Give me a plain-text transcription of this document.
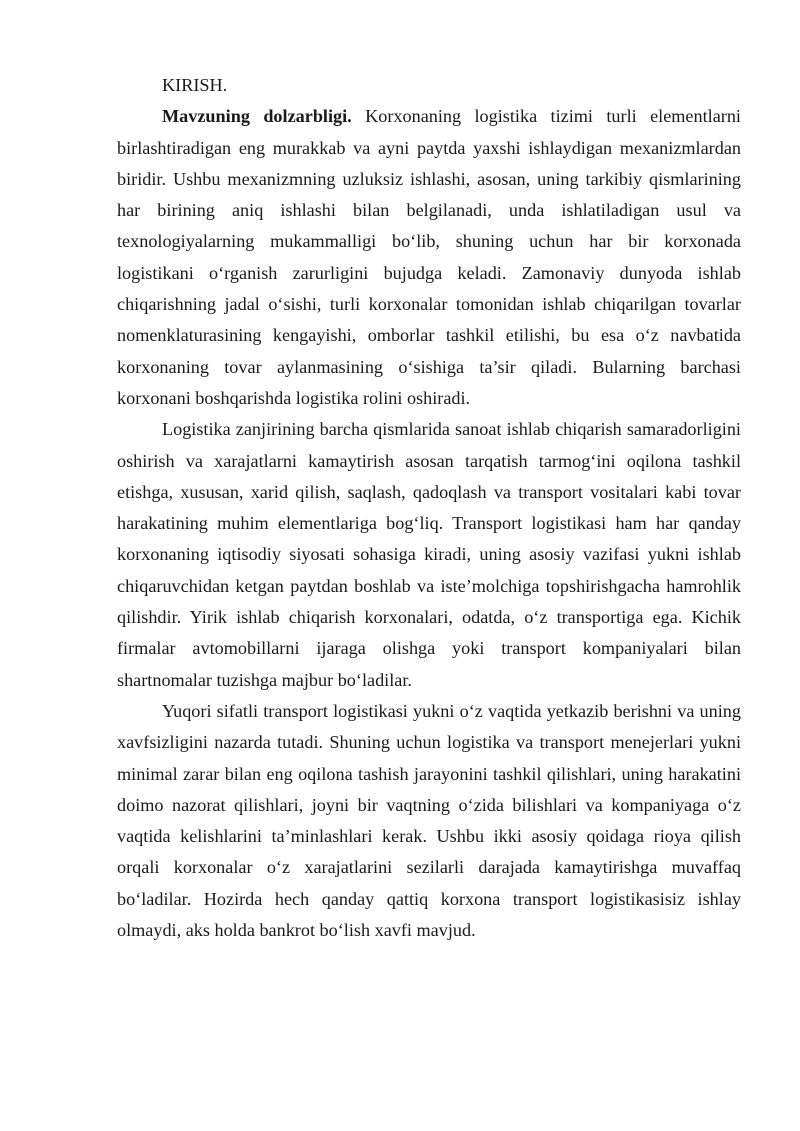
KIRISH.

Mavzuning dolzarbligi. Korxonaning logistika tizimi turli elementlarni birlashtiradigan eng murakkab va ayni paytda yaxshi ishlaydigan mexanizmlardan biridir. Ushbu mexanizmning uzluksiz ishlashi, asosan, uning tarkibiy qismlarining har birining aniq ishlashi bilan belgilanadi, unda ishlatiladigan usul va texnologiyalarning mukammalligi bo‘lib, shuning uchun har bir korxonada logistikani o‘rganish zarurligini bujudga keladi. Zamonaviy dunyoda ishlab chiqarishning jadal o‘sishi, turli korxonalar tomonidan ishlab chiqarilgan tovarlar nomenklaturasining kengayishi, omborlar tashkil etilishi, bu esa o‘z navbatida korxonaning tovar aylanmasining o‘sishiga ta’sir qiladi. Bularning barchasi korxonani boshqarishda logistika rolini oshiradi.

Logistika zanjirining barcha qismlarida sanoat ishlab chiqarish samaradorligini oshirish va xarajatlarni kamaytirish asosan tarqatish tarmog‘ini oqilona tashkil etishga, xususan, xarid qilish, saqlash, qadoqlash va transport vositalari kabi tovar harakatining muhim elementlariga bog‘liq. Transport logistikasi ham har qanday korxonaning iqtisodiy siyosati sohasiga kiradi, uning asosiy vazifasi yukni ishlab chiqaruvchidan ketgan paytdan boshlab va iste’molchiga topshirishgacha hamrohlik qilishdir. Yirik ishlab chiqarish korxonalari, odatda, o‘z transportiga ega. Kichik firmalar avtomobillarni ijaraga olishga yoki transport kompaniyalari bilan shartnomalar tuzishga majbur bo‘ladilar.

Yuqori sifatli transport logistikasi yukni o‘z vaqtida yetkazib berishni va uning xavfsizligini nazarda tutadi. Shuning uchun logistika va transport menejerlari yukni minimal zarar bilan eng oqilona tashish jarayonini tashkil qilishlari, uning harakatini doimo nazorat qilishlari, joyni bir vaqtning o‘zida bilishlari va kompaniyaga o‘z vaqtida kelishlarini ta’minlashlari kerak. Ushbu ikki asosiy qoidaga rioya qilish orqali korxonalar o‘z xarajatlarini sezilarli darajada kamaytirishga muvaffaq bo‘ladilar. Hozirda hech qanday qattiq korxona transport logistikasisiz ishlay olmaydi, aks holda bankrot bo‘lish xavfi mavjud.
